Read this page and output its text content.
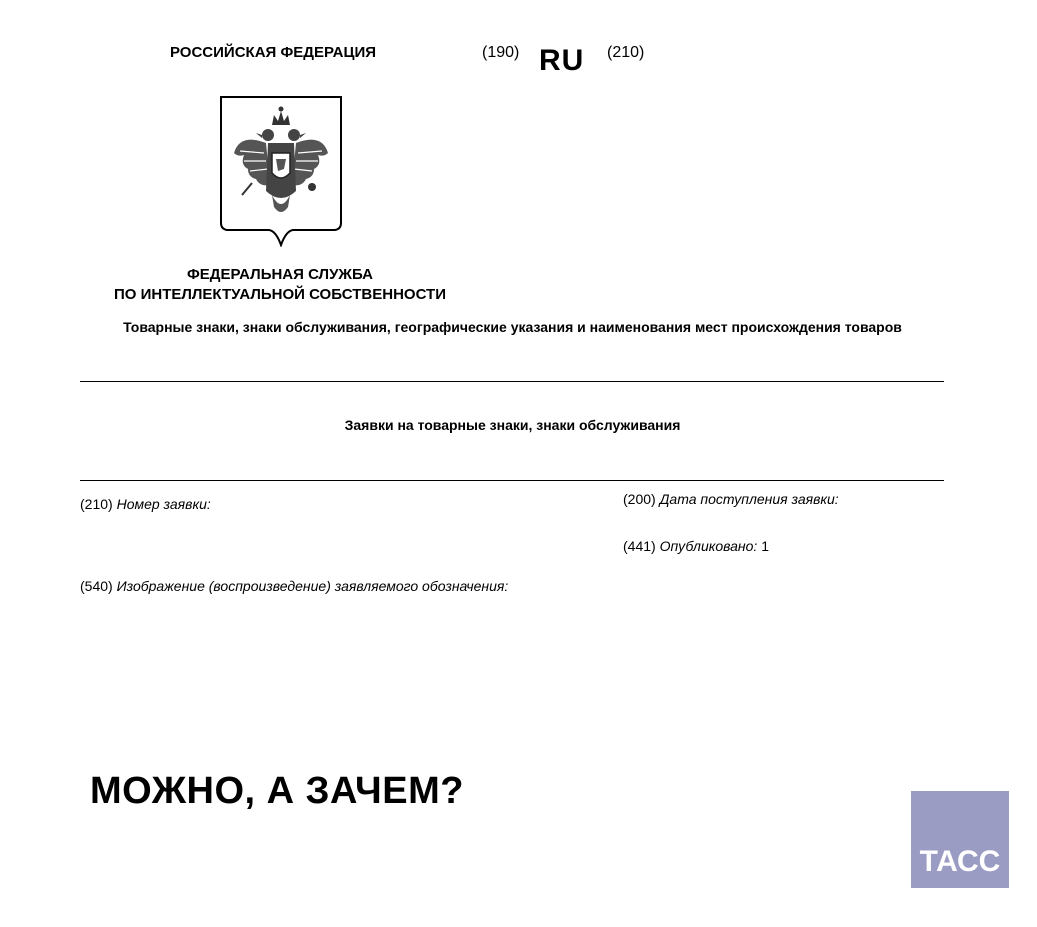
РОССИЙСКАЯ ФЕДЕРАЦИЯ	(190) RU (210)
ФЕДЕРАЛЬНАЯ СЛУЖБА
ПО ИНТЕЛЛЕКТУАЛЬНОЙ СОБСТВЕННОСТИ
Товарные знаки, знаки обслуживания, географические указания и наименования мест происхождения товаров
Заявки на товарные знаки, знаки обслуживания
(210) Номер заявки:	(200) Дата поступления заявки:
(441) Опубликовано: 1
(540) Изображение (воспроизведение) заявляемого обозначения:
МОЖНО, А ЗАЧЕМ?
ТАСС
